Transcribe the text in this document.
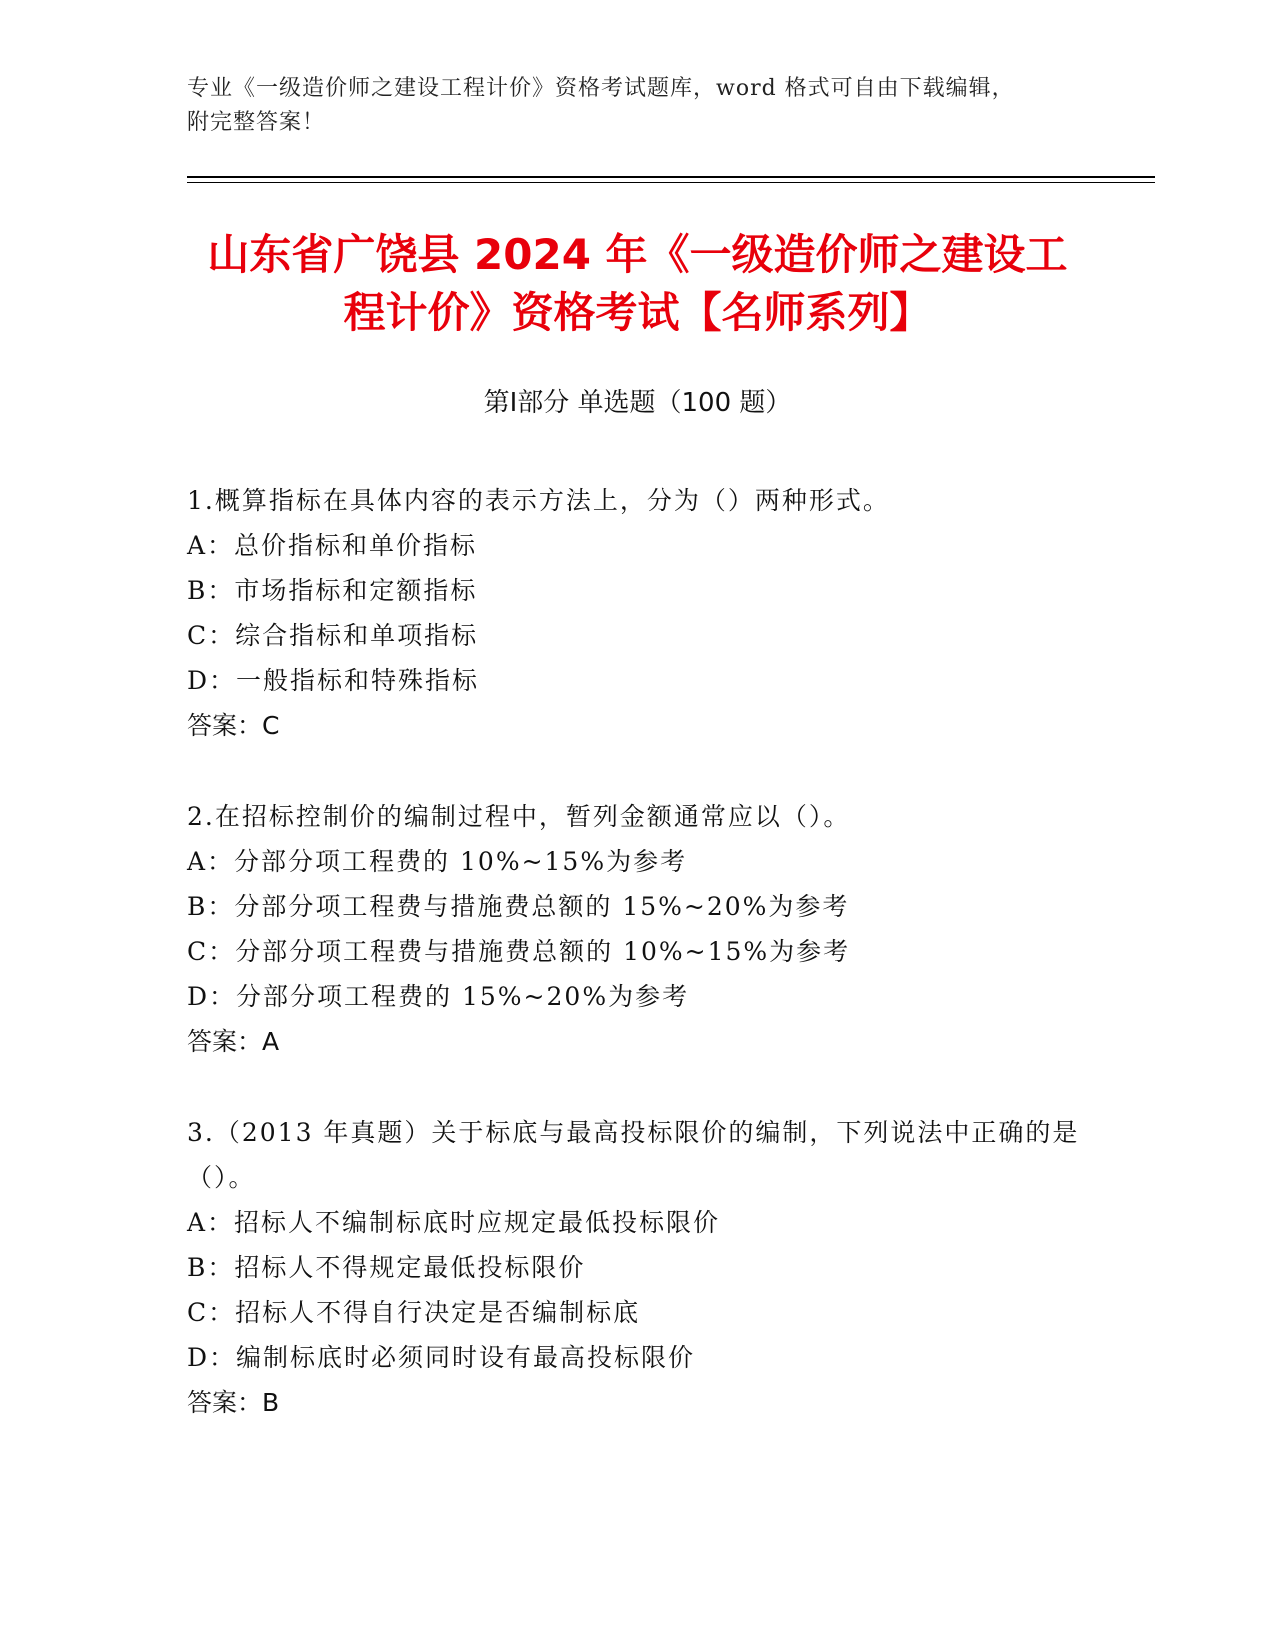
专业《一级造价师之建设工程计价》资格考试题库，word 格式可自由下载编辑，
附完整答案！
山东省广饶县 2024 年《一级造价师之建设工
程计价》资格考试【名师系列】
第Ⅰ部分 单选题（100 题）

1.概算指标在具体内容的表示方法上，分为（）两种形式。

A：总价指标和单价指标

B：市场指标和定额指标

C：综合指标和单项指标

D：一般指标和特殊指标

答案：C

2.在招标控制价的编制过程中，暂列金额通常应以（）。

A：分部分项工程费的 10%~15%为参考

B：分部分项工程费与措施费总额的 15%~20%为参考

C：分部分项工程费与措施费总额的 10%~15%为参考

D：分部分项工程费的 15%~20%为参考

答案：A

3.（2013 年真题）关于标底与最高投标限价的编制，下列说法中正确的是（）。

A：招标人不编制标底时应规定最低投标限价

B：招标人不得规定最低投标限价

C：招标人不得自行决定是否编制标底

D：编制标底时必须同时设有最高投标限价

答案：B
